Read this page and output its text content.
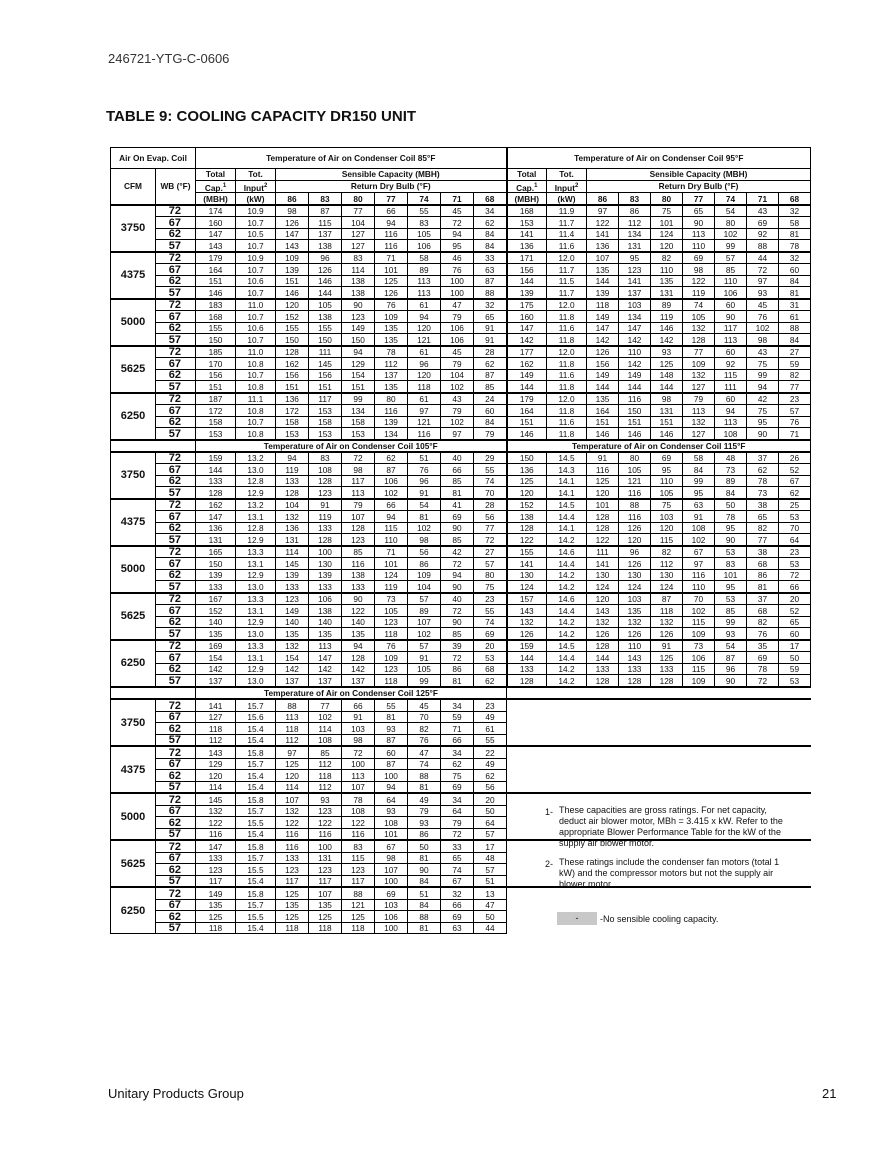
246721-YTG-C-0606
TABLE 9: COOLING CAPACITY DR150 UNIT
Air On Evap. Coil		Temperature of Air on Condenser Coil 85°F									Temperature of Air on Condenser Coil 95°F								
CFM	WB (°F)	Total	Tot.	Sensible Capacity (MBH)							Total	Tot.	Sensible Capacity (MBH)						
		Cap.$^1$	Input$^2$	Return Dry Bulb (°F)							Cap.$^1$	Input$^2$	Return Dry Bulb (°F)						
		(MBH)	(kW)	86	83	80	77	74	71	68	(MBH)	(kW)	86	83	80	77	74	71	68
3750	72	174	10.9	98	87	77	66	55	45	34	168	11.9	97	86	75	65	54	43	32
	67	160	10.7	126	115	104	94	83	72	62	153	11.7	122	112	101	90	80	69	58
	62	147	10.5	147	137	127	116	105	94	84	141	11.4	141	134	124	113	102	92	81
	57	143	10.7	143	138	127	116	106	95	84	136	11.6	136	131	120	110	99	88	78
4375	72	179	10.9	109	96	83	71	58	46	33	171	12.0	107	95	82	69	57	44	32
	67	164	10.7	139	126	114	101	89	76	63	156	11.7	135	123	110	98	85	72	60
	62	151	10.6	151	146	138	125	113	100	87	144	11.5	144	141	135	122	110	97	84
	57	146	10.7	146	144	138	126	113	100	88	139	11.7	139	137	131	119	106	93	81
5000	72	183	11.0	120	105	90	76	61	47	32	175	12.0	118	103	89	74	60	45	31
	67	168	10.7	152	138	123	109	94	79	65	160	11.8	149	134	119	105	90	76	61
	62	155	10.6	155	155	149	135	120	106	91	147	11.6	147	147	146	132	117	102	88
	57	150	10.7	150	150	150	135	121	106	91	142	11.8	142	142	142	128	113	98	84
5625	72	185	11.0	128	111	94	78	61	45	28	177	12.0	126	110	93	77	60	43	27
	67	170	10.8	162	145	129	112	96	79	62	162	11.8	156	142	125	109	92	75	59
	62	156	10.7	156	156	154	137	120	104	87	149	11.6	149	149	148	132	115	99	82
	57	151	10.8	151	151	151	135	118	102	85	144	11.8	144	144	144	127	111	94	77
6250	72	187	11.1	136	117	99	80	61	43	24	179	12.0	135	116	98	79	60	42	23
	67	172	10.8	172	153	134	116	97	79	60	164	11.8	164	150	131	113	94	75	57
	62	158	10.7	158	158	158	139	121	102	84	151	11.6	151	151	151	132	113	95	76
	57	153	10.8	153	153	153	134	116	97	79	146	11.8	146	146	146	127	108	90	71
		Temperature of Air on Condenser Coil 105°F									Temperature of Air on Condenser Coil 115°F								
3750	72	159	13.2	94	83	72	62	51	40	29	150	14.5	91	80	69	58	48	37	26
	67	144	13.0	119	108	98	87	76	66	55	136	14.3	116	105	95	84	73	62	52
	62	133	12.8	133	128	117	106	96	85	74	125	14.1	125	121	110	99	89	78	67
	57	128	12.9	128	123	113	102	91	81	70	120	14.1	120	116	105	95	84	73	62
4375	72	162	13.2	104	91	79	66	54	41	28	152	14.5	101	88	75	63	50	38	25
	67	147	13.1	132	119	107	94	81	69	56	138	14.4	128	116	103	91	78	65	53
	62	136	12.8	136	133	128	115	102	90	77	128	14.1	128	126	120	108	95	82	70
	57	131	12.9	131	128	123	110	98	85	72	122	14.2	122	120	115	102	90	77	64
5000	72	165	13.3	114	100	85	71	56	42	27	155	14.6	111	96	82	67	53	38	23
	67	150	13.1	145	130	116	101	86	72	57	141	14.4	141	126	112	97	83	68	53
	62	139	12.9	139	139	138	124	109	94	80	130	14.2	130	130	130	116	101	86	72
	57	133	13.0	133	133	133	119	104	90	75	124	14.2	124	124	124	110	95	81	66
5625	72	167	13.3	123	106	90	73	57	40	23	157	14.6	120	103	87	70	53	37	20
	67	152	13.1	149	138	122	105	89	72	55	143	14.4	143	135	118	102	85	68	52
	62	140	12.9	140	140	140	123	107	90	74	132	14.2	132	132	132	115	99	82	65
	57	135	13.0	135	135	135	118	102	85	69	126	14.2	126	126	126	109	93	76	60
6250	72	169	13.3	132	113	94	76	57	39	20	159	14.5	128	110	91	73	54	35	17
	67	154	13.1	154	147	128	109	91	72	53	144	14.4	144	143	125	106	87	69	50
	62	142	12.9	142	142	142	123	105	86	68	133	14.2	133	133	133	115	96	78	59
	57	137	13.0	137	137	137	118	99	81	62	128	14.2	128	128	128	109	90	72	53
		Temperature of Air on Condenser Coil 125°F																	
3750	72	141	15.7	88	77	66	55	45	34	23									
	67	127	15.6	113	102	91	81	70	59	49									
	62	118	15.4	118	114	103	93	82	71	61									
	57	112	15.4	112	108	98	87	76	66	55									
4375	72	143	15.8	97	85	72	60	47	34	22									
	67	129	15.7	125	112	100	87	74	62	49									
	62	120	15.4	120	118	113	100	88	75	62									
	57	114	15.4	114	112	107	94	81	69	56									
5000	72	145	15.8	107	93	78	64	49	34	20									
	67	132	15.7	132	123	108	93	79	64	50									
	62	122	15.5	122	122	122	108	93	79	64									
	57	116	15.4	116	116	116	101	86	72	57									
5625	72	147	15.8	116	100	83	67	50	33	17									
	67	133	15.7	133	131	115	98	81	65	48									
	62	123	15.5	123	123	123	107	90	74	57									
	57	117	15.4	117	117	117	100	84	67	51									
6250	72	149	15.8	125	107	88	69	51	32	13									
	67	135	15.7	135	135	121	103	84	66	47									
	62	125	15.5	125	125	125	106	88	69	50									
	57	118	15.4	118	118	118	100	81	63	44									
1- These capacities are gross ratings. For net capacity, deduct air blower motor, MBh = 3.415 x kW. Refer to the appropriate Blower Performance Table for the kW of the supply air blower motor.
2- These ratings include the condenser fan motors (total 1 kW) and the compressor motors but not the supply air blower motor.
-	-No sensible cooling capacity.
Unitary Products Group	21
